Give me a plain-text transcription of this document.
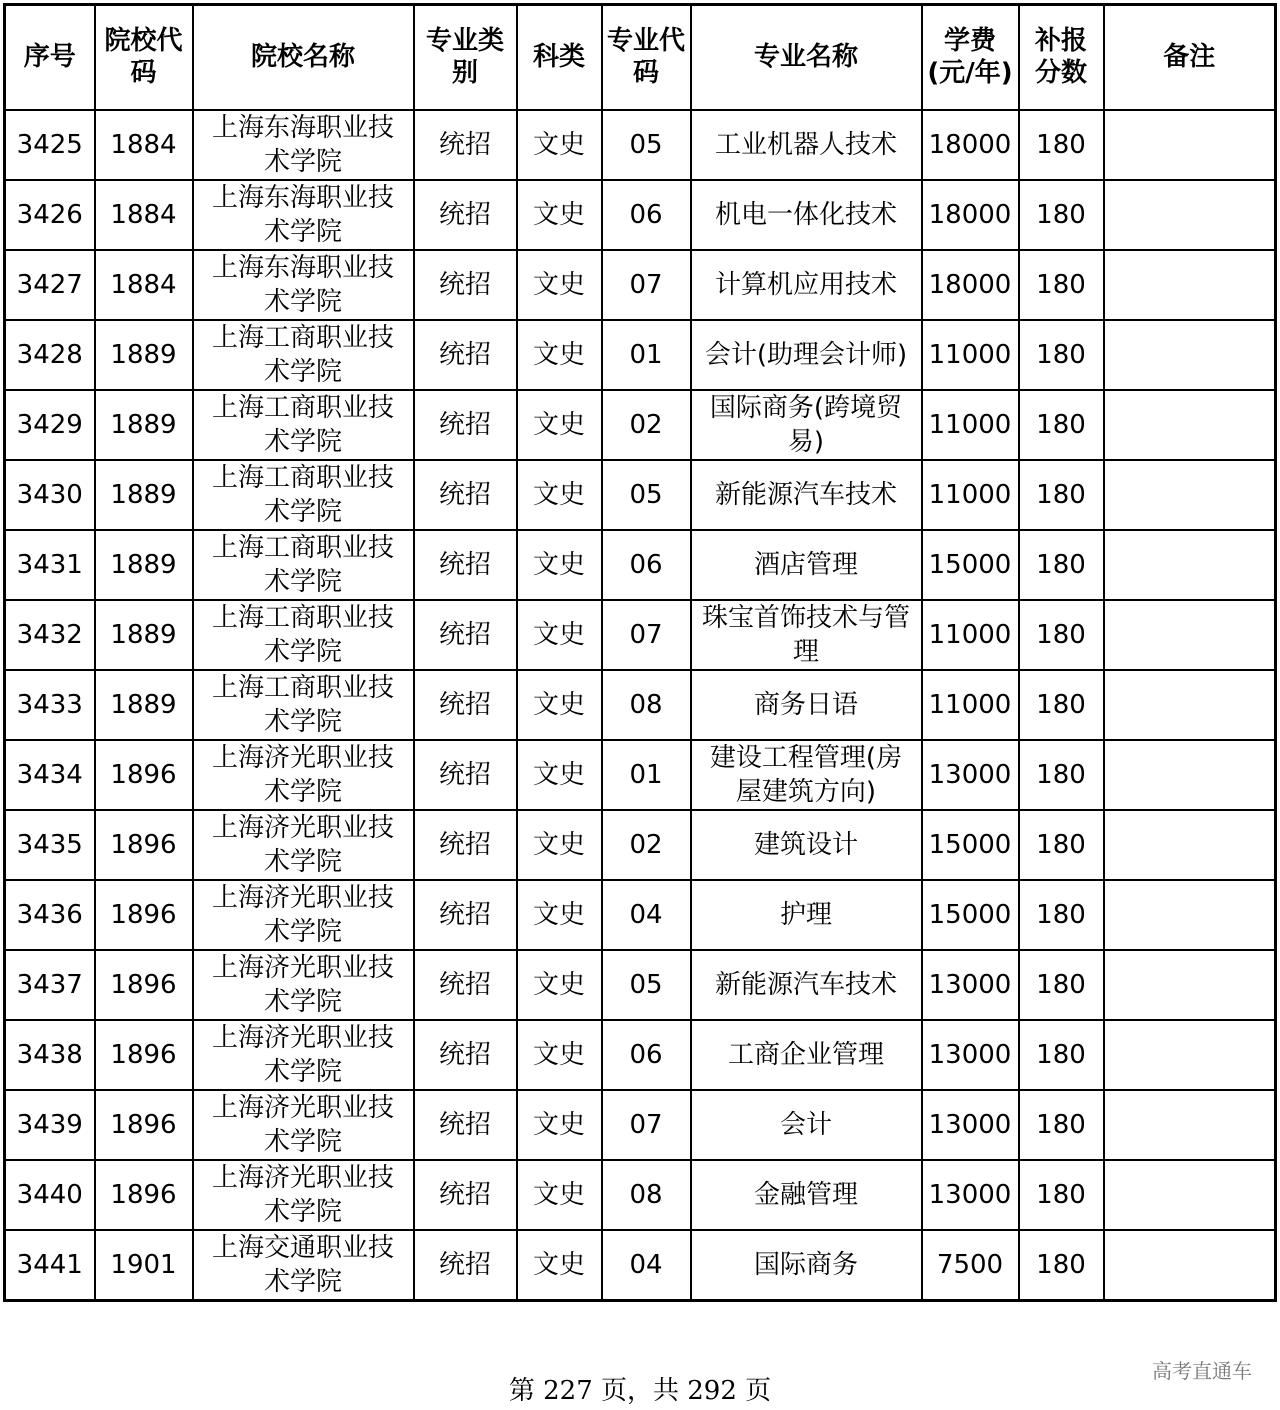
序号	院校代码	院校名称	专业类别	科类	专业代码	专业名称	学费(元/年)	补报分数	备注
3425	1884	上海东海职业技术学院	统招	文史	05	工业机器人技术	18000	180	
3426	1884	上海东海职业技术学院	统招	文史	06	机电一体化技术	18000	180	
3427	1884	上海东海职业技术学院	统招	文史	07	计算机应用技术	18000	180	
3428	1889	上海工商职业技术学院	统招	文史	01	会计(助理会计师)	11000	180	
3429	1889	上海工商职业技术学院	统招	文史	02	国际商务(跨境贸易)	11000	180	
3430	1889	上海工商职业技术学院	统招	文史	05	新能源汽车技术	11000	180	
3431	1889	上海工商职业技术学院	统招	文史	06	酒店管理	15000	180	
3432	1889	上海工商职业技术学院	统招	文史	07	珠宝首饰技术与管理	11000	180	
3433	1889	上海工商职业技术学院	统招	文史	08	商务日语	11000	180	
3434	1896	上海济光职业技术学院	统招	文史	01	建设工程管理(房屋建筑方向)	13000	180	
3435	1896	上海济光职业技术学院	统招	文史	02	建筑设计	15000	180	
3436	1896	上海济光职业技术学院	统招	文史	04	护理	15000	180	
3437	1896	上海济光职业技术学院	统招	文史	05	新能源汽车技术	13000	180	
3438	1896	上海济光职业技术学院	统招	文史	06	工商企业管理	13000	180	
3439	1896	上海济光职业技术学院	统招	文史	07	会计	13000	180	
3440	1896	上海济光职业技术学院	统招	文史	08	金融管理	13000	180	
3441	1901	上海交通职业技术学院	统招	文史	04	国际商务	7500	180	
第 227 页，共 292 页
高考直通车
